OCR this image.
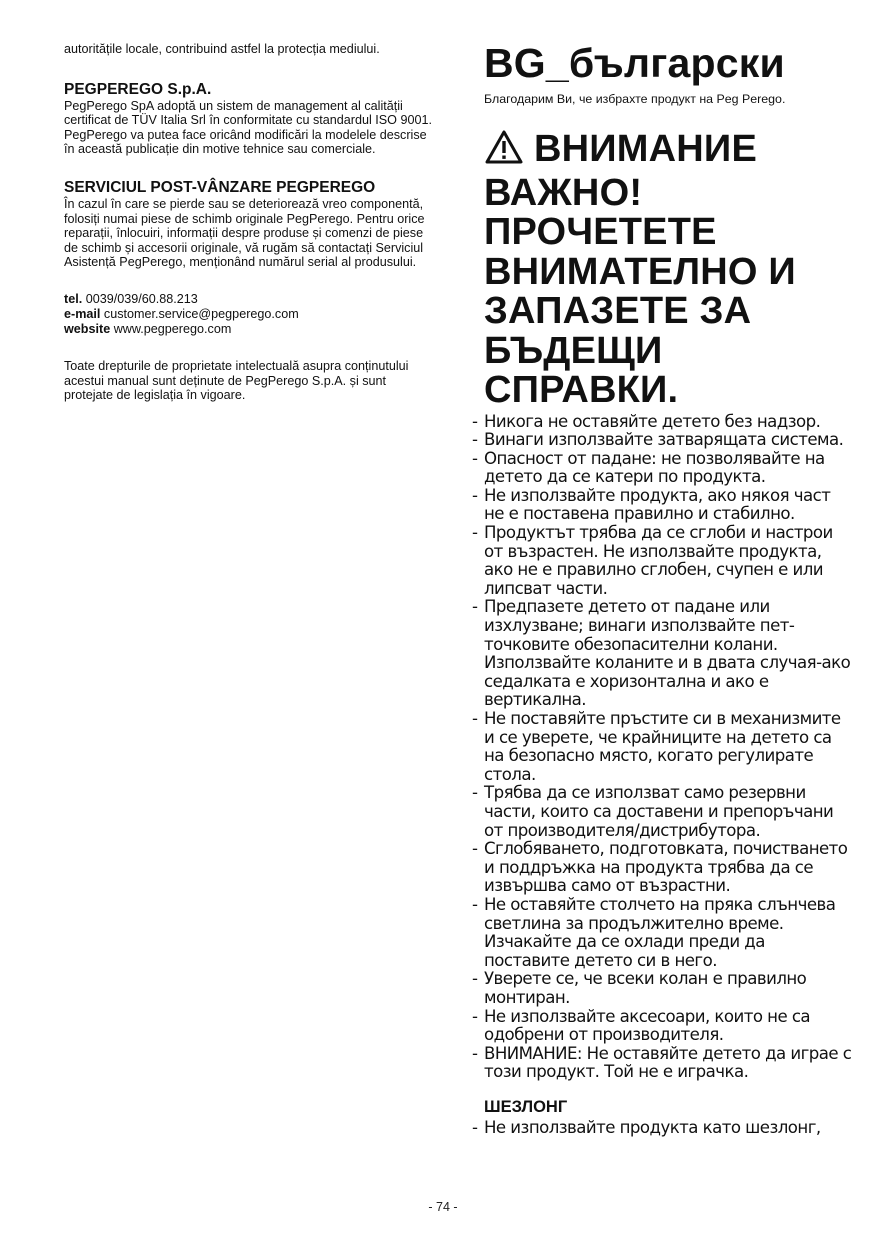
autoritățile locale, contribuind astfel la protecția mediului.

PEGPEREGO S.p.A.

PegPerego SpA adoptă un sistem de management al calității certificat de TÜV Italia Srl în conformitate cu standardul ISO 9001. PegPerego va putea face oricând modificări la modelele descrise în această publicație din motive tehnice sau comerciale.

SERVICIUL POST-VÂNZARE PEGPEREGO

În cazul în care se pierde sau se deteriorează vreo componentă, folosiți numai piese de schimb originale PegPerego. Pentru orice reparații, înlocuiri, informații despre produse și comenzi de piese de schimb și accesorii originale, vă rugăm să contactați Serviciul Asistență PegPerego, menționând numărul serial al produsului.

tel. 0039/039/60.88.213
e-mail customer.service@pegperego.com
website www.pegperego.com

Toate drepturile de proprietate intelectuală asupra conținutului acestui manual sunt deținute de PegPerego S.p.A. și sunt protejate de legislația în vigoare.

BG_български

Благодарим Ви, че избрахте продукт на Peg Perego.

ВНИМАНИЕ ВАЖНО! ПРОЧЕТЕТЕ ВНИМАТЕЛНО И ЗАПАЗЕТЕ ЗА БЪДЕЩИ СПРАВКИ.
- Никога не оставяйте детето без надзор.
- Винаги използвайте затварящата система.
- Опасност от падане: не позволявайте на детето да се катери по продукта.
- Не използвайте продукта, ако някоя част не е поставена правилно и стабилно.
- Продуктът трябва да се сглоби и настрои от възрастен. Не използвайте продукта, ако не е правилно сглобен, счупен е или липсват части.
- Предпазете детето от падане или изхлузване; винаги използвайте пет-точковите обезопасителни колани. Използвайте коланите и в двата случая-ако седалката е хоризонтална и ако е вертикална.
- Не поставяйте пръстите си в механизмите и се уверете, че крайниците на детето са на безопасно място, когато регулирате стола.
- Трябва да се използват само резервни части, които са доставени и препоръчани от производителя/дистрибутора.
- Сглобяването, подготовката, почистването и поддръжка на продукта трябва да се извършва само от възрастни.
- Не оставяйте столчето на пряка слънчева светлина за продължително време. Изчакайте да се охлади преди да поставите детето си в него.
- Уверете се, че всеки колан е правилно монтиран.
- Не използвайте аксесоари, които не са одобрени от производителя.
- ВНИМАНИЕ: Не оставяйте детето да играе с този продукт. Той не е играчка.

ШЕЗЛОНГ

- Не използвайте продукта като шезлонг,
- 74 -
